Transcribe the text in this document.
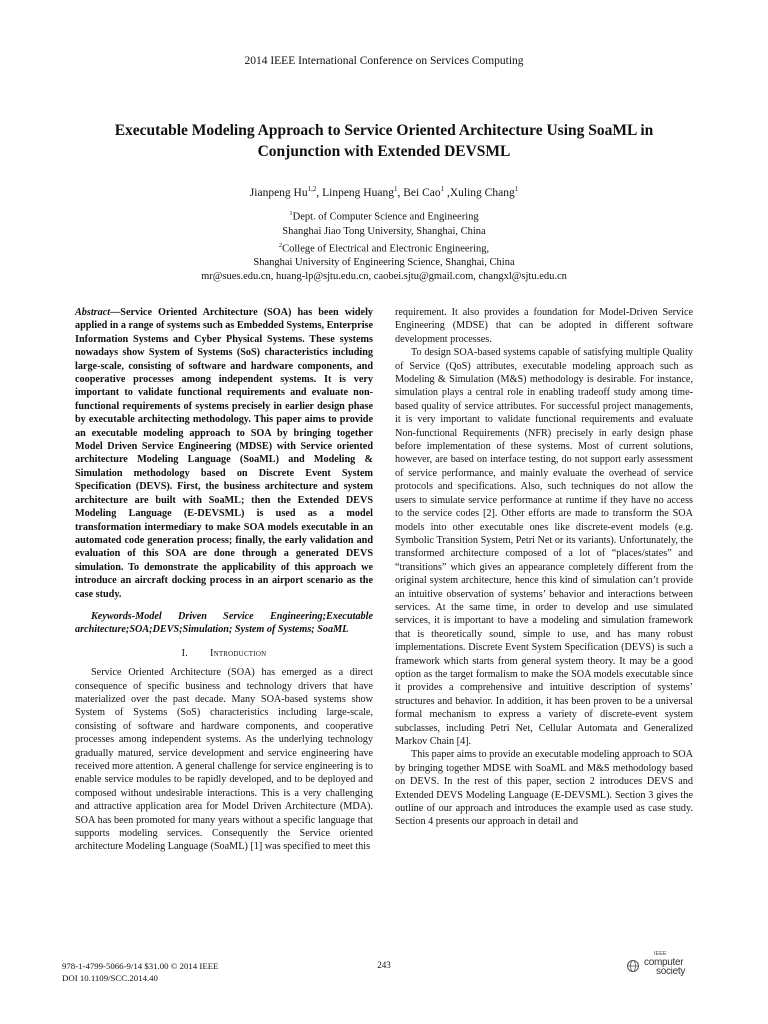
2014 IEEE International Conference on Services Computing
Executable Modeling Approach to Service Oriented Architecture Using SoaML in
Conjunction with Extended DEVSML
Jianpeng Hu$^{1,2}$, Linpeng Huang$^1$, Bei Cao$^1$ ,Xuling Chang$^1$
$^1$Dept. of Computer Science and Engineering
Shanghai Jiao Tong University, Shanghai, China
$^2$College of Electrical and Electronic Engineering,
Shanghai University of Engineering Science, Shanghai, China
mr@sues.edu.cn, huang-lp@sjtu.edu.cn, caobei.sjtu@gmail.com, changxl@sjtu.edu.cn
Abstract—Service Oriented Architecture (SOA) has been widely applied in a range of systems such as Embedded Systems, Enterprise Information Systems and Cyber Physical Systems. These systems nowadays show System of Systems (SoS) characteristics including large-scale, consisting of software and hardware components, and cooperative processes among independent systems. It is very important to validate functional requirements and evaluate non-functional requirements of systems precisely in earlier design phase by executable architecting methodology. This paper aims to provide an executable modeling approach to SOA by bringing together Model Driven Service Engineering (MDSE) with Service oriented architecture Modeling Language (SoaML) and Modeling & Simulation methodology based on Discrete Event System Specification (DEVS). First, the business architecture and system architecture are built with SoaML; then the Extended DEVS Modeling Language (E-DEVSML) is used as a model transformation intermediary to make SOA models executable in an automated code generation process; finally, the early validation and evaluation of this SOA are done through a generated DEVS simulation. To demonstrate the applicability of this approach we introduce an aircraft docking process in an airport scenario as the case study.
Keywords-Model Driven Service Engineering;Executable architecture;SOA;DEVS;Simulation; System of Systems; SoaML
I. Introduction

Service Oriented Architecture (SOA) has emerged as a direct consequence of specific business and technology drivers that have materialized over the past decade. Many SOA-based systems show System of Systems (SoS) characteristics including large-scale, consisting of software and hardware components, and cooperative processes among independent systems. As the underlying technology gradually matured, service development and service engineering have received more attention. A general challenge for service engineering is to enable service modules to be rapidly developed, and to be deployed and composed without undesirable interactions. This is a very challenging and attractive application area for Model Driven Architecture (MDA). SOA has been promoted for many years without a specific language that supports modeling services. Consequently the Service oriented architecture Modeling Language (SoaML) [1] was specified to meet this

requirement. It also provides a foundation for Model-Driven Service Engineering (MDSE) that can be adopted in different software development processes.

To design SOA-based systems capable of satisfying multiple Quality of Service (QoS) attributes, executable modeling approach such as Modeling & Simulation (M&S) methodology is desirable. For instance, simulation plays a central role in enabling tradeoff study among time-based quality of service attributes. For successful project managements, it is very important to validate functional requirements and evaluate Non-functional Requirements (NFR) precisely in early design phase before implementation of these systems. Most of current solutions, however, are based on interface testing, do not support early assessment of service performance, and mainly evaluate the overhead of service protocols and specifications. Also, such techniques do not allow the users to simulate service performance at runtime if they have no access to the service codes [2]. Other efforts are made to transform the SOA models into other executable ones like discrete-event models (e.g. Symbolic Transition System, Petri Net or its variants). Unfortunately, the transformed architecture composed of a lot of “places/states” and “transitions” which gives an appearance completely different from the original system architecture, hence this kind of simulation can’t provide an intuitive observation of systems’ behavior and interactions between services. At the same time, in order to develop and use simulated services, it is important to have a modeling and simulation framework that is theoretically sound, simple to use, and has many robust implementations. Discrete Event System Specification (DEVS) is such a framework which starts from general system theory. It may be a good option as the target formalism to make the SOA models executable since it provides a comprehensive and intuitive description of systems’ structures and behavior. In addition, it has been proven to be a universal formal mechanism to express a variety of discrete-event system subclasses, including Petri Net, Cellular Automata and Generalized Markov Chain [4].

This paper aims to provide an executable modeling approach to SOA by bringing together MDSE with SoaML and M&S methodology based on DEVS. In the rest of this paper, section 2 introduces DEVS and Extended DEVS Modeling Language (E-DEVSML). Section 3 gives the outline of our approach and introduces the example used as case study. Section 4 presents our approach in detail and

978-1-4799-5066-9/14 $31.00 © 2014 IEEE
DOI 10.1109/SCC.2014.40
243
IEEE
computer
society
